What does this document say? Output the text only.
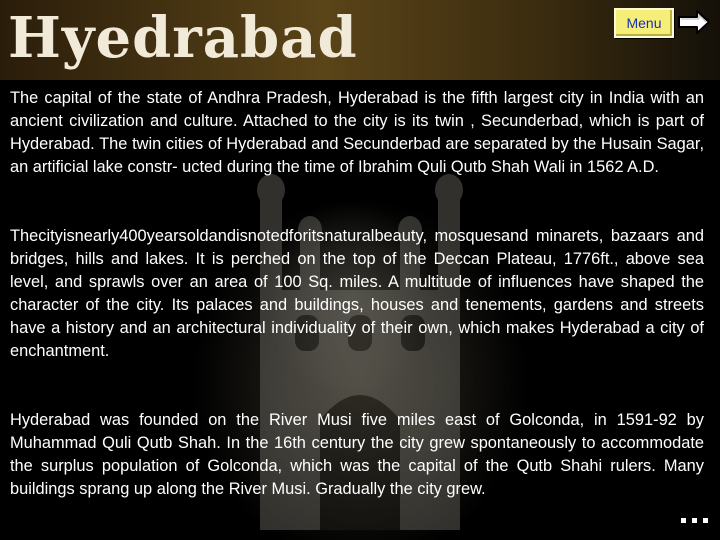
Hyedrabad	Menu

The capital of the state of Andhra Pradesh, Hyderabad is the fifth largest city in India with an ancient civilization and culture. Attached to the city is its twin , Secunderbad, which is part of Hyderabad. The twin cities of Hyderabad and Secunderbad are separated by the Husain Sagar, an artificial lake constr- ucted during the time of Ibrahim Quli Qutb Shah Wali in 1562 A.D.

Thecityisnearly400yearsoldandisnotedforitsnaturalbeauty, mosquesand minarets, bazaars and bridges, hills and lakes. It is perched on the top of the Deccan Plateau, 1776ft., above sea level, and sprawls over an area of 100 Sq. miles. A multitude of influences have shaped the character of the city. Its palaces and buildings, houses and tenements, gardens and streets have a history and an architectural individuality of their own, which makes Hyderabad a city of enchantment.

Hyderabad was founded on the River Musi five miles east of Golconda, in 1591-92 by Muhammad Quli Qutb Shah. In the 16th century the city grew spontaneously to accommodate the surplus population of Golconda, which was the capital of the Qutb Shahi rulers. Many buildings sprang up along the River Musi. Gradually the city grew.
